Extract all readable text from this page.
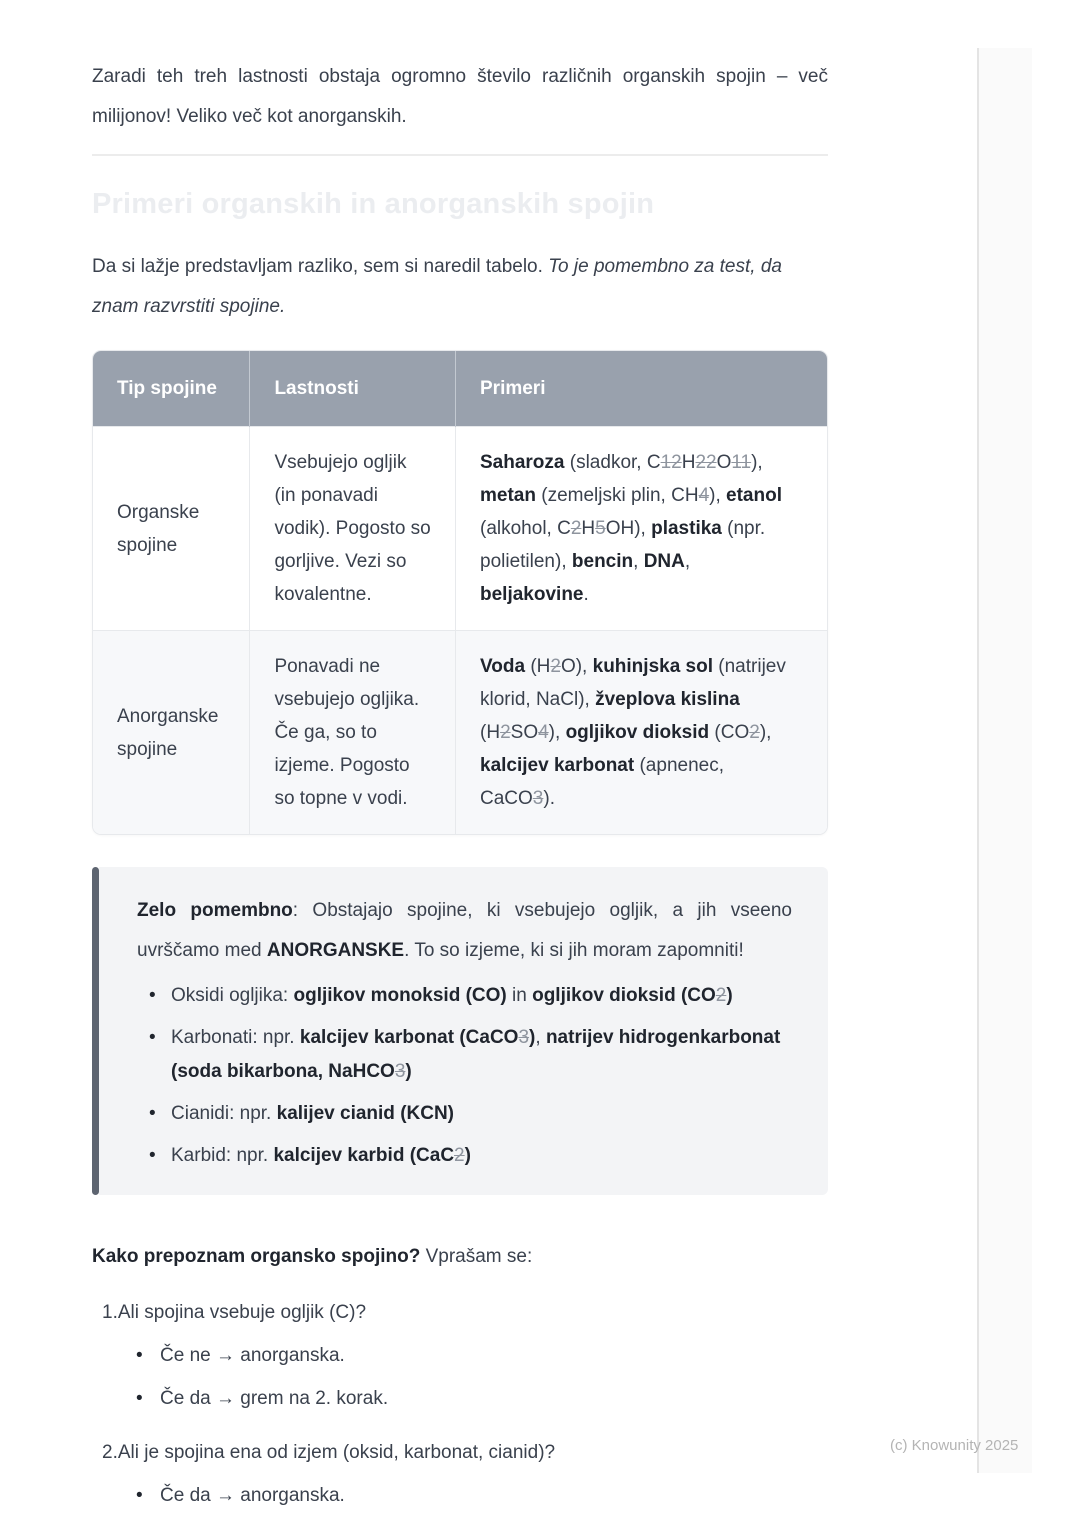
Zaradi teh treh lastnosti obstaja ogromno število različnih organskih spojin – več milijonov! Veliko več kot anorganskih.

Primeri organskih in anorganskih spojin

Da si lažje predstavljam razliko, sem si naredil tabelo. To je pomembno za test, da znam razvrstiti spojine.

Tip spojine	Lastnosti	Primeri
Organske spojine	Vsebujejo ogljik (in ponavadi vodik). Pogosto so gorljive. Vezi so kovalentne.	Saharoza (sladkor, C12H22O11), metan (zemeljski plin, CH4), etanol (alkohol, C2H5OH), plastika (npr. polietilen), bencin, DNA, beljakovine.
Anorganske spojine	Ponavadi ne vsebujejo ogljika. Če ga, so to izjeme. Pogosto so topne v vodi.	Voda (H2O), kuhinjska sol (natrijev klorid, NaCl), žveplova kislina (H2SO4), ogljikov dioksid (CO2), kalcijev karbonat (apnenec, CaCO3).

Zelo pomembno: Obstajajo spojine, ki vsebujejo ogljik, a jih vseeno uvrščamo med ANORGANSKE. To so izjeme, ki si jih moram zapomniti!

• Oksidi ogljika: ogljikov monoksid (CO) in ogljikov dioksid (CO2)
• Karbonati: npr. kalcijev karbonat (CaCO3), natrijev hidrogenkarbonat (soda bikarbona, NaHCO3)
• Cianidi: npr. kalijev cianid (KCN)
• Karbid: npr. kalcijev karbid (CaC2)

Kako prepoznam organsko spojino? Vprašam se:

1. Ali spojina vsebuje ogljik (C)?
• Če ne → anorganska.
• Če da → grem na 2. korak.
2. Ali je spojina ena od izjem (oksid, karbonat, cianid)?
• Če da → anorganska.
(c) Knowunity 2025
